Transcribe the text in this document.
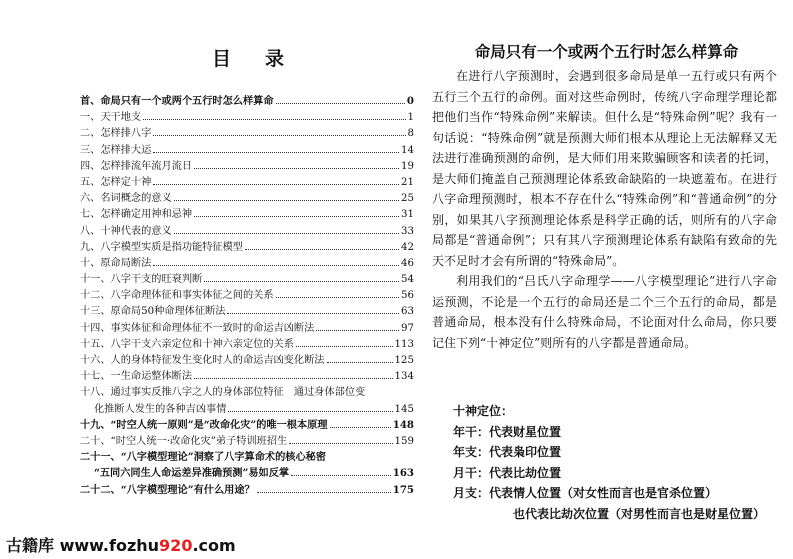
目录
首、命局只有一个或两个五行时怎么样算命	0
一、天干地支	1
二、怎样排八字	8
三、怎样排大运	14
四、怎样排流年流月流日	19
五、怎样定十神	21
六、名词概念的意义	25
七、怎样确定用神和忌神	31
八、十神代表的意义	33
九、八字模型实质是指功能特征模型	42
十、原命局断法	46
十一、八字干支的旺衰判断	54
十二、八字命理体征和事实体征之间的关系	56
十三、原命局50种命理体征断法	63
十四、事实体征和命理体征不一致时的命运吉凶断法	97
十五、八字干支六亲定位和十神六亲定位的关系	113
十六、人的身体特征发生变化时人的命运吉凶变化断法	125
十七、一生命运整体断法	134
十八、通过事实反推八字之人的身体部位特征　通过身体部位变
化推断人发生的各种吉凶事情	145
十九、“时空人统一原则”是“改命化灾”的唯一根本原理	148
二十、“时空人统一·改命化灾”弟子特训班招生	159
二十一、“八字模型理论”洞察了八字算命术的核心秘密
“五同六同生人命运差异准确预测”易如反掌	163
二十二、“八字模型理论”有什么用途？	175
命局只有一个或两个五行时怎么样算命

在进行八字预测时，会遇到很多命局是单一五行或只有两个五行三个五行的命例。面对这些命例时，传统八字命理学理论都把他们当作“特殊命例”来解读。但什么是“特殊命例”呢？我有一句话说：“特殊命例”就是预测大师们根本从理论上无法解释又无法进行准确预测的命例，是大师们用来欺骗顾客和读者的托词，是大师们掩盖自己预测理论体系致命缺陷的一块遮羞布。在进行八字命理预测时，根本不存在什么“特殊命例”和“普通命例”的分别，如果其八字预测理论体系是科学正确的话，则所有的八字命局都是“普通命例”；只有其八字预测理论体系有缺陷有致命的先天不足时才会有所谓的“特殊命局”。

利用我们的“吕氏八字命理学——八字模型理论”进行八字命运预测，不论是一个五行的命局还是二个三个五行的命局，都是普通命局，根本没有什么特殊命局，不论面对什么命局，你只要记住下列“十神定位”则所有的八字都是普通命局。

十神定位：
年干：代表财星位置
年支：代表枭印位置
月干：代表比劫位置
月支：代表情人位置（对女性而言也是官杀位置）
也代表比劫次位置（对男性而言也是财星位置）
古籍库 www.fozhu920.com
